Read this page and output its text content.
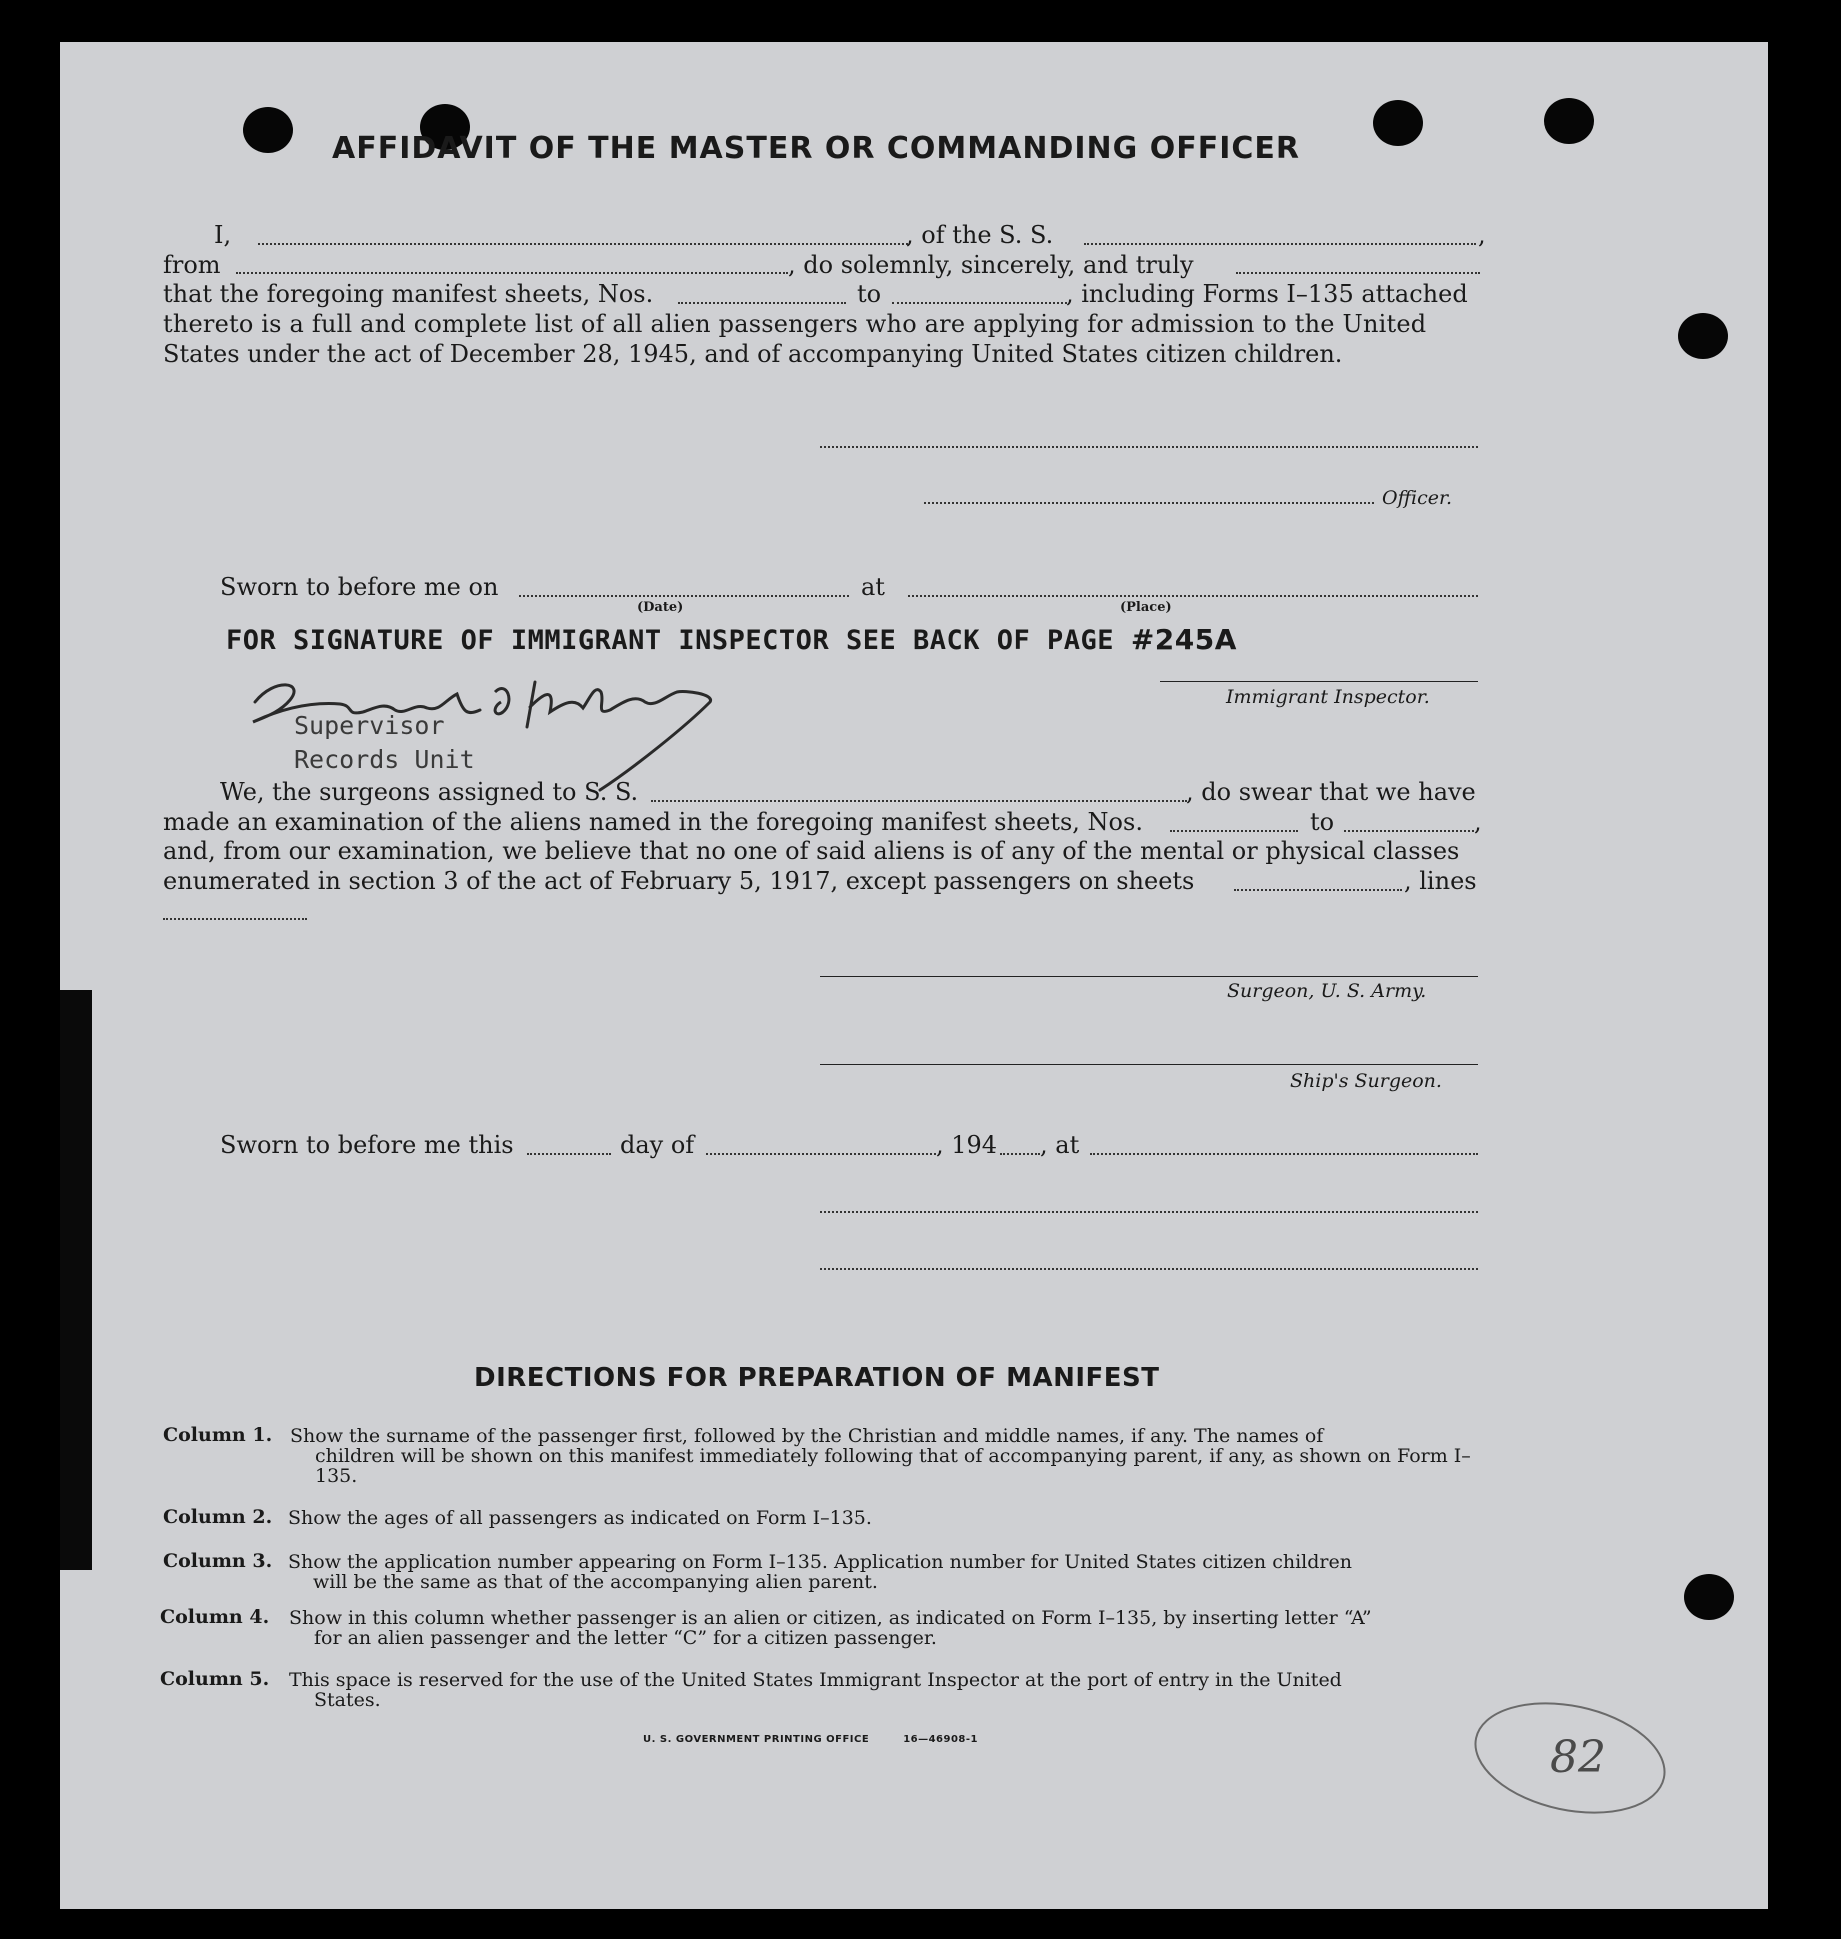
AFFIDAVIT OF THE MASTER OR COMMANDING OFFICER
I,	, of the S. S.	,
from	, do solemnly, sincerely, and truly
that the foregoing manifest sheets, Nos.	to	, including Forms I–135 attached
thereto is a full and complete list of all alien passengers who are applying for admission to the United
States under the act of December 28, 1945, and of accompanying United States citizen children.
Officer.
Sworn to before me on	at
(Date)	(Place)
FOR SIGNATURE OF IMMIGRANT INSPECTOR SEE BACK OF PAGE #245A
Supervisor
Records Unit
Immigrant Inspector.
We, the surgeons assigned to S. S.	, do swear that we have
made an examination of the aliens named in the foregoing manifest sheets, Nos.	to	,
and, from our examination, we believe that no one of said aliens is of any of the mental or physical classes
enumerated in section 3 of the act of February 5, 1917, except passengers on sheets	, lines
Surgeon, U. S. Army.
Ship's Surgeon.
Sworn to before me this	day of	, 194 , at
DIRECTIONS FOR PREPARATION OF MANIFEST
Column 1. Show the surname of the passenger first, followed by the Christian and middle names, if any. The names of
children will be shown on this manifest immediately following that of accompanying parent, if any, as shown on Form I–135.
Column 2. Show the ages of all passengers as indicated on Form I–135.
Column 3. Show the application number appearing on Form I–135. Application number for United States citizen children
will be the same as that of the accompanying alien parent.
Column 4. Show in this column whether passenger is an alien or citizen, as indicated on Form I–135, by inserting letter “A”
for an alien passenger and the letter “C” for a citizen passenger.
Column 5. This space is reserved for the use of the United States Immigrant Inspector at the port of entry in the United
States.
U. S. GOVERNMENT PRINTING OFFICE	16—46908-1	82
